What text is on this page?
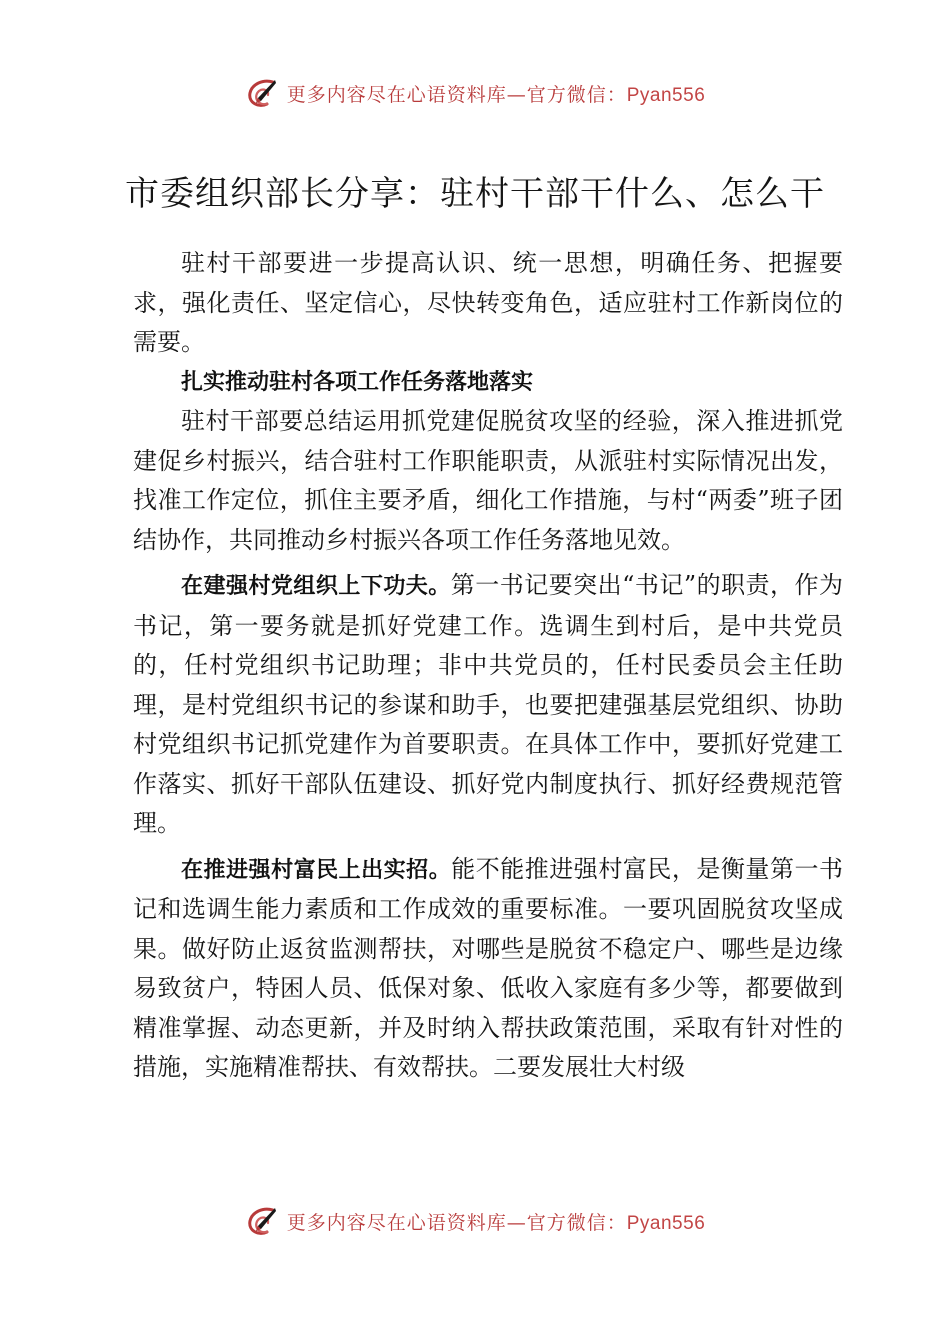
更多内容尽在心语资料库—官方微信：Pyan556
市委组织部长分享：驻村干部干什么、怎么干

驻村干部要进一步提高认识、统一思想，明确任务、把握要求，强化责任、坚定信心，尽快转变角色，适应驻村工作新岗位的需要。

扎实推动驻村各项工作任务落地落实

驻村干部要总结运用抓党建促脱贫攻坚的经验，深入推进抓党建促乡村振兴，结合驻村工作职能职责，从派驻村实际情况出发，找准工作定位，抓住主要矛盾，细化工作措施，与村“两委”班子团结协作，共同推动乡村振兴各项工作任务落地见效。

在建强村党组织上下功夫。第一书记要突出“书记”的职责，作为书记，第一要务就是抓好党建工作。选调生到村后，是中共党员的，任村党组织书记助理；非中共党员的，任村民委员会主任助理，是村党组织书记的参谋和助手，也要把建强基层党组织、协助村党组织书记抓党建作为首要职责。在具体工作中，要抓好党建工作落实、抓好干部队伍建设、抓好党内制度执行、抓好经费规范管理。

在推进强村富民上出实招。能不能推进强村富民，是衡量第一书记和选调生能力素质和工作成效的重要标准。一要巩固脱贫攻坚成果。做好防止返贫监测帮扶，对哪些是脱贫不稳定户、哪些是边缘易致贫户，特困人员、低保对象、低收入家庭有多少等，都要做到精准掌握、动态更新，并及时纳入帮扶政策范围，采取有针对性的措施，实施精准帮扶、有效帮扶。二要发展壮大村级

更多内容尽在心语资料库—官方微信：Pyan556
